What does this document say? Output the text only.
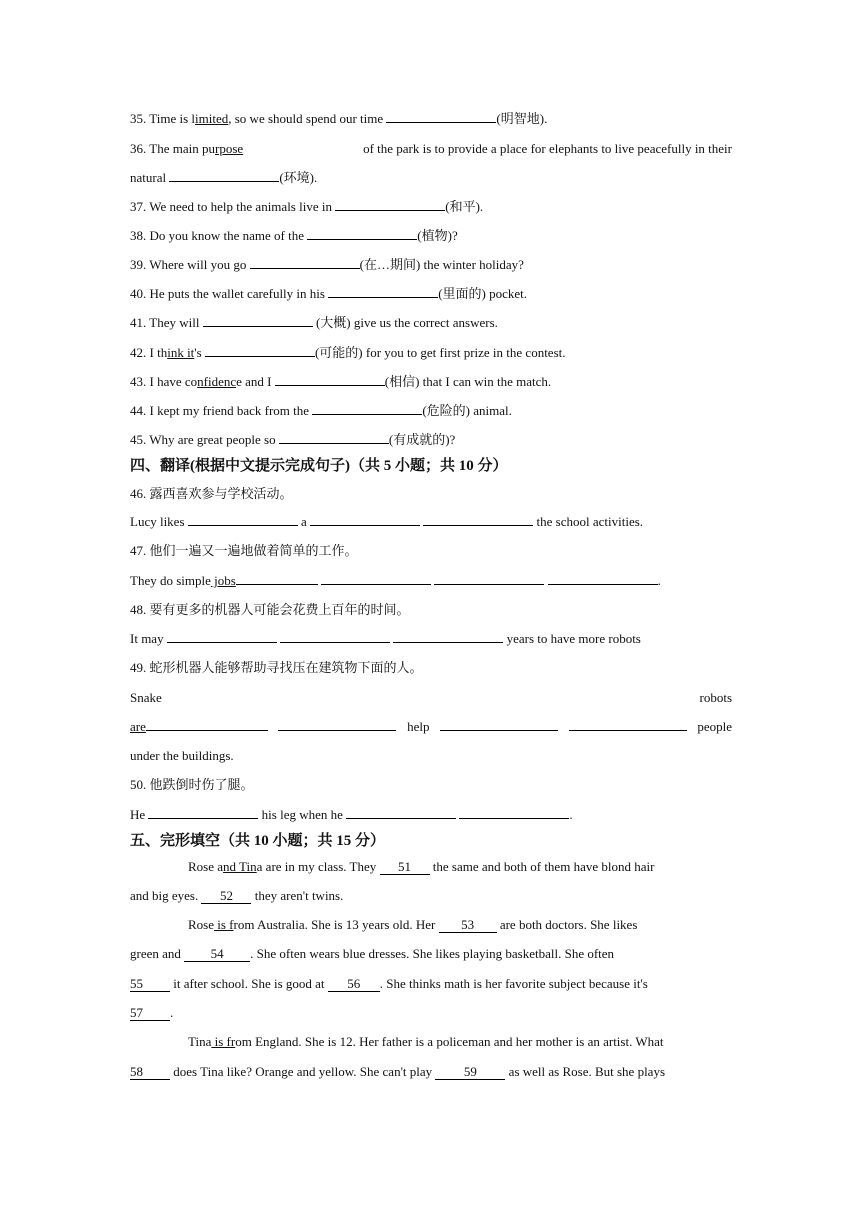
35. Time is limited, so we should spend our time	(明智地).
36. The main purpose	of the park is to provide a place for elephants to live peacefully in their
natural	(环境).
37. We need to help the animals live in	(和平).
38. Do you know the name of the	(植物)?
39. Where will you go	(在…期间) the winter holiday?
40. He puts the wallet carefully in his	(里面的) pocket.
41. They will	(大概) give us the correct answers.
42. I think it's	(可能的) for you to get first prize in the contest.
43. I have confidence and I	(相信) that I can win the match.
44. I kept my friend back from the	(危险的) animal.
45. Why are great people so	(有成就的)?
四、翻译(根据中文提示完成句子)（共 5 小题；共 10 分）
46. 露西喜欢参与学校活动。
Lucy likes	a	the school activities.
47. 他们一遍又一遍地做着简单的工作。
They do simple jobs	.
48. 要有更多的机器人可能会花费上百年的时间。
It may	years to have more robots
49. 蛇形机器人能够帮助寻找压在建筑物下面的人。
Snake	robots
are	help	people
under the buildings.
50. 他跌倒时伤了腿。
He	his leg when he	.
五、完形填空（共 10 小题；共 15 分）
Rose and Tina are in my class. They 51 the same and both of them have blond hair
and big eyes. 52 they aren't twins.
Rose is from Australia. She is 13 years old. Her 53 are both doctors. She likes
green and 54 . She often wears blue dresses. She likes playing basketball. She often
55 it after school. She is good at 56 . She thinks math is her favorite subject because it's
57 .
Tina is from England. She is 12. Her father is a policeman and her mother is an artist. What
58 does Tina like? Orange and yellow. She can't play 59 as well as Rose. But she plays
